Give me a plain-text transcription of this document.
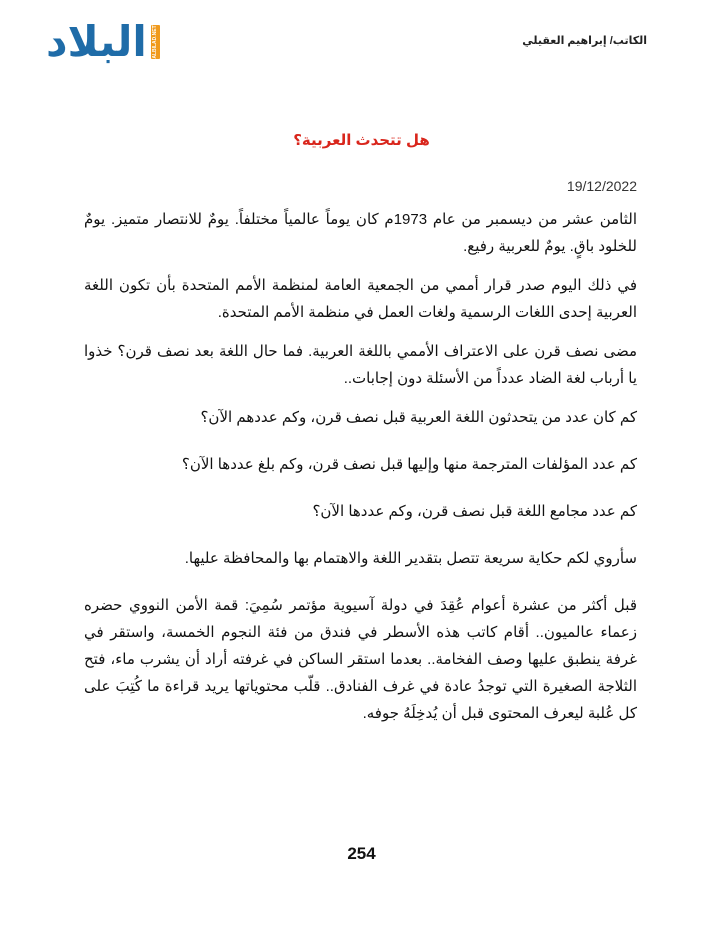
البلاد ALBILAD.NET	الكاتب/ إبراهيم العقيلي
هل تتحدث العربية؟
19/12/2022

الثامن عشر من ديسمبر من عام 1973م كان يوماً عالمياً مختلفاً. يومٌ للانتصار متميز. يومٌ للخلود باقٍ. يومٌ للعربية رفيع.

في ذلك اليوم صدر قرار أممي من الجمعية العامة لمنظمة الأمم المتحدة بأن تكون اللغة العربية إحدى اللغات الرسمية ولغات العمل في منظمة الأمم المتحدة.

مضى نصف قرن على الاعتراف الأممي باللغة العربية. فما حال اللغة بعد نصف قرن؟ خذوا يا أرباب لغة الضاد عدداً من الأسئلة دون إجابات..

كم كان عدد من يتحدثون اللغة العربية قبل نصف قرن، وكم عددهم الآن؟

كم عدد المؤلفات المترجمة منها وإليها قبل نصف قرن، وكم بلغ عددها الآن؟

كم عدد مجامع اللغة قبل نصف قرن، وكم عددها الآن؟

سأروي لكم حكاية سريعة تتصل بتقدير اللغة والاهتمام بها والمحافظة عليها.

قبل أكثر من عشرة أعوام عُقِدَ في دولة آسيوية مؤتمر سُمِيَ: قمة الأمن النووي حضره زعماء عالميون.. أقام كاتب هذه الأسطر في فندق من فئة النجوم الخمسة، واستقر في غرفة ينطبق عليها وصف الفخامة.. بعدما استقر الساكن في غرفته أراد أن يشرب ماء، فتح الثلاجة الصغيرة التي توجدُ عادة في غرف الفنادق.. قلّب محتوياتها يريد قراءة ما كُتِبَ على كل عُلبة ليعرف المحتوى قبل أن يُدخِلَهُ جوفه.

254
